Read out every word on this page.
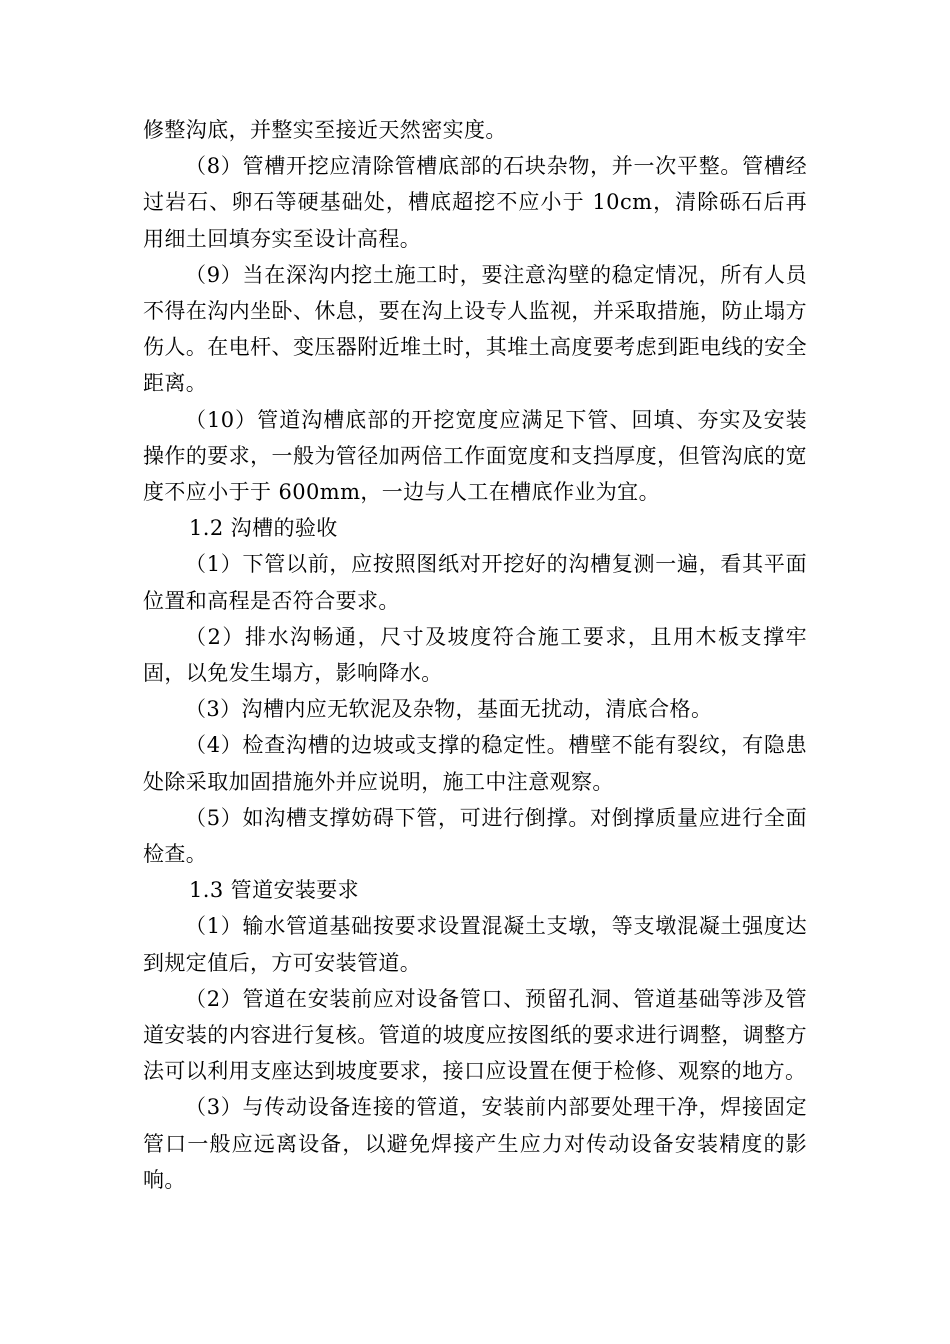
修整沟底，并整实至接近天然密实度。

（8）管槽开挖应清除管槽底部的石块杂物，并一次平整。管槽经过岩石、卵石等硬基础处，槽底超挖不应小于 10cm，清除砾石后再用细土回填夯实至设计高程。

（9）当在深沟内挖土施工时，要注意沟壁的稳定情况，所有人员不得在沟内坐卧、休息，要在沟上设专人监视，并采取措施，防止塌方伤人。在电杆、变压器附近堆土时，其堆土高度要考虑到距电线的安全距离。

（10）管道沟槽底部的开挖宽度应满足下管、回填、夯实及安装操作的要求，一般为管径加两倍工作面宽度和支挡厚度，但管沟底的宽度不应小于于 600mm，一边与人工在槽底作业为宜。

1.2 沟槽的验收

（1）下管以前，应按照图纸对开挖好的沟槽复测一遍，看其平面位置和高程是否符合要求。

（2）排水沟畅通，尺寸及坡度符合施工要求，且用木板支撑牢固，以免发生塌方，影响降水。

（3）沟槽内应无软泥及杂物，基面无扰动，清底合格。

（4）检查沟槽的边坡或支撑的稳定性。槽壁不能有裂纹，有隐患处除采取加固措施外并应说明，施工中注意观察。

（5）如沟槽支撑妨碍下管，可进行倒撑。对倒撑质量应进行全面检查。

1.3 管道安装要求

（1）输水管道基础按要求设置混凝土支墩，等支墩混凝土强度达到规定值后，方可安装管道。

（2）管道在安装前应对设备管口、预留孔洞、管道基础等涉及管道安装的内容进行复核。管道的坡度应按图纸的要求进行调整，调整方法可以利用支座达到坡度要求，接口应设置在便于检修、观察的地方。

（3）与传动设备连接的管道，安装前内部要处理干净，焊接固定管口一般应远离设备，以避免焊接产生应力对传动设备安装精度的影响。
